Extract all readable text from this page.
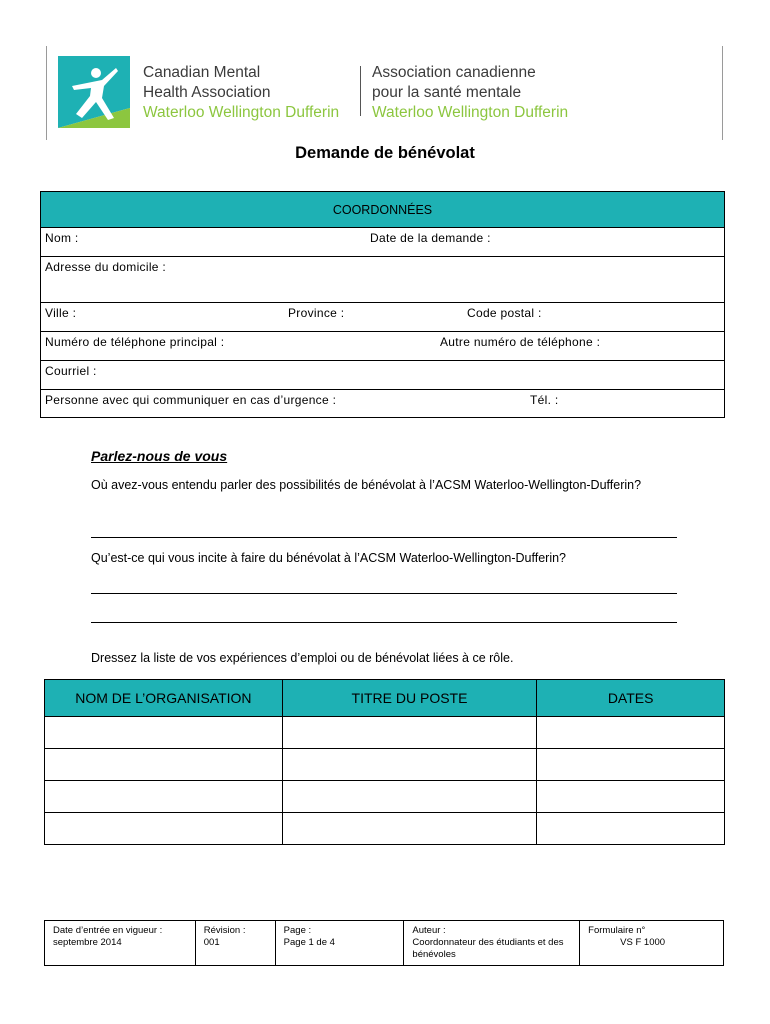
Canadian Mental
Health Association
Waterloo Wellington Dufferin
Association canadienne
pour la santé mentale
Waterloo Wellington Dufferin
Demande de bénévolat
COORDONNÉES
Nom :	Date de la demande :
Adresse du domicile :
Ville :	Province :	Code postal :
Numéro de téléphone principal :	Autre numéro de téléphone :
Courriel :
Personne avec qui communiquer en cas d’urgence :	Tél. :
Parlez-nous de vous
Où avez-vous entendu parler des possibilités de bénévolat à l’ACSM Waterloo-Wellington-Dufferin?
Qu’est-ce qui vous incite à faire du bénévolat à l’ACSM Waterloo-Wellington-Dufferin?
Dressez la liste de vos expériences d’emploi ou de bénévolat liées à ce rôle.
NOM DE L’ORGANISATION	TITRE DU POSTE	DATES

Date d’entrée en vigueur :
septembre 2014

Révision :
001

Page :
Page 1 de 4

Auteur :
Coordonnateur des étudiants et des bénévoles

Formulaire n°
VS F 1000
